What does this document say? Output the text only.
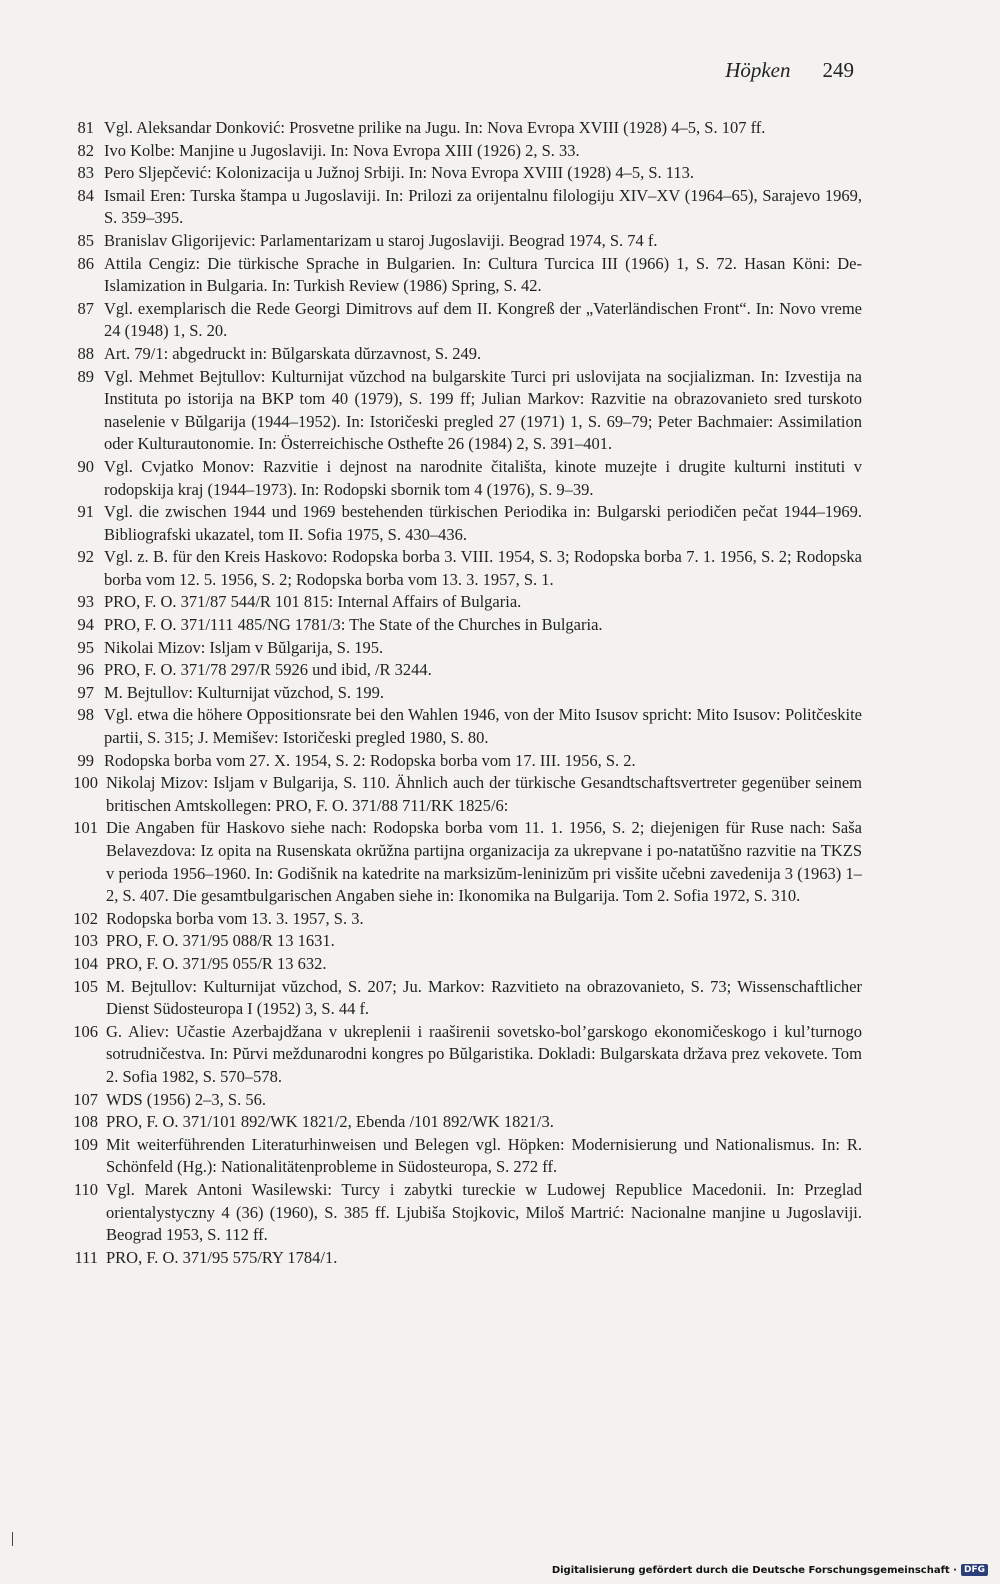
Höpken 249
81 Vgl. Aleksandar Donković: Prosvetne prilike na Jugu. In: Nova Evropa XVIII (1928) 4–5, S. 107 ff.
82 Ivo Kolbe: Manjine u Jugoslaviji. In: Nova Evropa XIII (1926) 2, S. 33.
83 Pero Sljepčević: Kolonizacija u Južnoj Srbiji. In: Nova Evropa XVIII (1928) 4–5, S. 113.
84 Ismail Eren: Turska štampa u Jugoslaviji. In: Prilozi za orijentalnu filologiju XIV–XV (1964–65), Sarajevo 1969, S. 359–395.
85 Branislav Gligorijevic: Parlamentarizam u staroj Jugoslaviji. Beograd 1974, S. 74 f.
86 Attila Cengiz: Die türkische Sprache in Bulgarien. In: Cultura Turcica III (1966) 1, S. 72. Hasan Köni: De-Islamization in Bulgaria. In: Turkish Review (1986) Spring, S. 42.
87 Vgl. exemplarisch die Rede Georgi Dimitrovs auf dem II. Kongreß der „Vaterländischen Front“. In: Novo vreme 24 (1948) 1, S. 20.
88 Art. 79/1: abgedruckt in: Bŭlgarskata dŭrzavnost, S. 249.
89 Vgl. Mehmet Bejtullov: Kulturnijat vŭzchod na bulgarskite Turci pri uslovijata na socjializman. In: Izvestija na Instituta po istorija na BKP tom 40 (1979), S. 199 ff; Julian Markov: Razvitie na obrazovanieto sred turskoto naselenie v Bŭlgarija (1944–1952). In: Istoričeski pregled 27 (1971) 1, S. 69–79; Peter Bachmaier: Assimilation oder Kulturautonomie. In: Österreichische Osthefte 26 (1984) 2, S. 391–401.
90 Vgl. Cvjatko Monov: Razvitie i dejnost na narodnite čitališta, kinote muzejte i drugite kulturni instituti v rodopskija kraj (1944–1973). In: Rodopski sbornik tom 4 (1976), S. 9–39.
91 Vgl. die zwischen 1944 und 1969 bestehenden türkischen Periodika in: Bulgarski periodičen pečat 1944–1969. Bibliografski ukazatel, tom II. Sofia 1975, S. 430–436.
92 Vgl. z. B. für den Kreis Haskovo: Rodopska borba 3. VIII. 1954, S. 3; Rodopska borba 7. 1. 1956, S. 2; Rodopska borba vom 12. 5. 1956, S. 2; Rodopska borba vom 13. 3. 1957, S. 1.
93 PRO, F. O. 371/87 544/R 101 815: Internal Affairs of Bulgaria.
94 PRO, F. O. 371/111 485/NG 1781/3: The State of the Churches in Bulgaria.
95 Nikolai Mizov: Isljam v Bŭlgarija, S. 195.
96 PRO, F. O. 371/78 297/R 5926 und ibid, /R 3244.
97 M. Bejtullov: Kulturnijat vŭzchod, S. 199.
98 Vgl. etwa die höhere Oppositionsrate bei den Wahlen 1946, von der Mito Isusov spricht: Mito Isusov: Politčeskite partii, S. 315; J. Memišev: Istoričeski pregled 1980, S. 80.
99 Rodopska borba vom 27. X. 1954, S. 2: Rodopska borba vom 17. III. 1956, S. 2.
100 Nikolaj Mizov: Isljam v Bulgarija, S. 110. Ähnlich auch der türkische Gesandtschaftsvertreter gegenüber seinem britischen Amtskollegen: PRO, F. O. 371/88 711/RK 1825/6:
101 Die Angaben für Haskovo siehe nach: Rodopska borba vom 11. 1. 1956, S. 2; diejenigen für Ruse nach: Saša Belavezdova: Iz opita na Rusenskata okrŭžna partijna organizacija za ukrepvane i po-natatŭšno razvitie na TKZS v perioda 1956–1960. In: Godišnik na katedrite na marksizŭm-leninizŭm pri visšite učebni zavedenija 3 (1963) 1–2, S. 407. Die gesamtbulgarischen Angaben siehe in: Ikonomika na Bulgarija. Tom 2. Sofia 1972, S. 310.
102 Rodopska borba vom 13. 3. 1957, S. 3.
103 PRO, F. O. 371/95 088/R 13 1631.
104 PRO, F. O. 371/95 055/R 13 632.
105 M. Bejtullov: Kulturnijat vŭzchod, S. 207; Ju. Markov: Razvitieto na obrazovanieto, S. 73; Wissenschaftlicher Dienst Südosteuropa I (1952) 3, S. 44 f.
106 G. Aliev: Učastie Azerbajdžana v ukreplenii i raašireniі sovetsko-bol’garskogo ekonomičeskogo i kul’turnogo sotrudničestva. In: Pŭrvi meždunarodni kongres po Bŭlgaristika. Dokladi: Bulgarskata država prez vekovete. Tom 2. Sofia 1982, S. 570–578.
107 WDS (1956) 2–3, S. 56.
108 PRO, F. O. 371/101 892/WK 1821/2, Ebenda /101 892/WK 1821/3.
109 Mit weiterführenden Literaturhinweisen und Belegen vgl. Höpken: Modernisierung und Nationalismus. In: R. Schönfeld (Hg.): Nationalitätenprobleme in Südosteuropa, S. 272 ff.
110 Vgl. Marek Antoni Wasilewski: Turcy i zabytki tureckie w Ludowej Republice Macedonii. In: Przeglad orientalystyczny 4 (36) (1960), S. 385 ff. Ljubiša Stojkovic, Miloš Martrić: Nacionalne manjine u Jugoslaviji. Beograd 1953, S. 112 ff.
111 PRO, F. O. 371/95 575/RY 1784/1.
Digitalisierung gefördert durch die Deutsche Forschungsgemeinschaft · DFG
